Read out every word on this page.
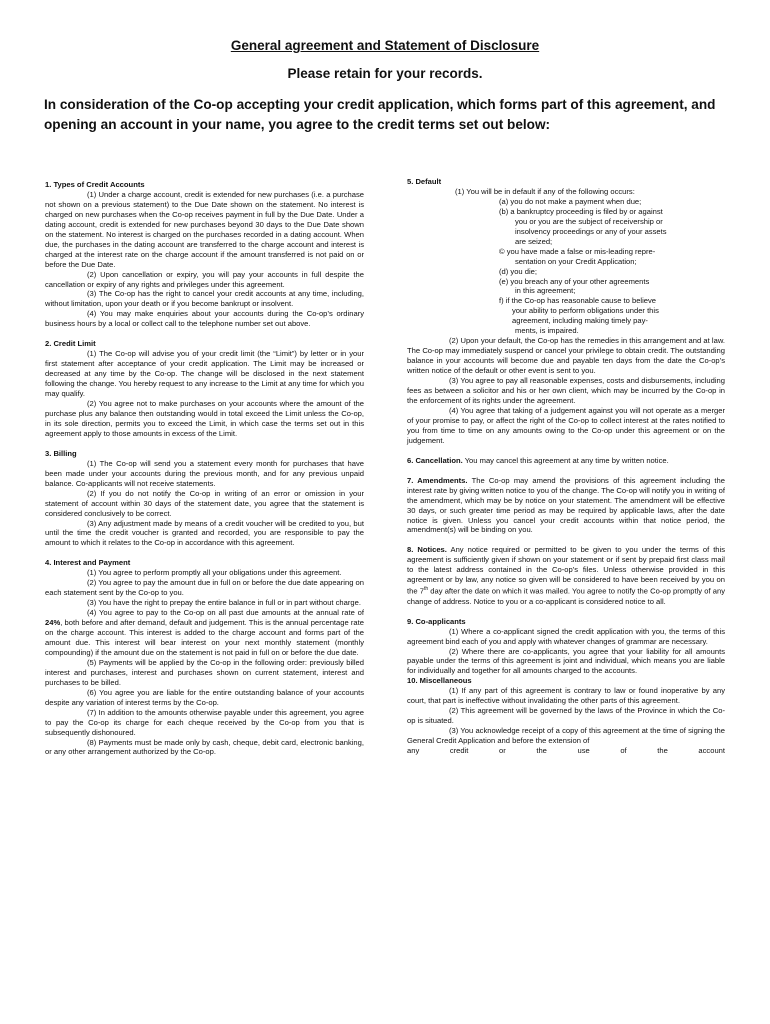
General agreement and Statement of Disclosure
Please retain for your records.
In consideration of the Co-op accepting your credit application, which forms part of this agreement, and opening an account in your name, you agree to the credit terms set out below:

1. Types of Credit Accounts

(1) Under a charge account, credit is extended for new purchases (i.e. a purchase not shown on a previous statement) to the Due Date shown on the statement. No interest is charged on new purchases when the Co-op receives payment in full by the Due Date. Under a dating account, credit is extended for new purchases beyond 30 days to the Due Date shown on the statement. No interest is charged on the purchases recorded in a dating account. When due, the purchases in the dating account are transferred to the charge account and interest is charged at the interest rate on the charge account if the amount transferred is not paid on or before the Due Date.

(2) Upon cancellation or expiry, you will pay your accounts in full despite the cancellation or expiry of any rights and privileges under this agreement.

(3) The Co-op has the right to cancel your credit accounts at any time, including, without limitation, upon your death or if you become bankrupt or insolvent.

(4) You may make enquiries about your accounts during the Co-op’s ordinary business hours by a local or collect call to the telephone number set out above.

2. Credit Limit

(1) The Co-op will advise you of your credit limit (the “Limit”) by letter or in your first statement after acceptance of your credit application. The Limit may be increased or decreased at any time by the Co-op. The change will be disclosed in the next statement following the change. You hereby request to any increase to the Limit at any time for which you may qualify.

(2) You agree not to make purchases on your accounts where the amount of the purchase plus any balance then outstanding would in total exceed the Limit unless the Co-op, in its sole direction, permits you to exceed the Limit, in which case the terms set out in this agreement apply to those amounts in excess of the Limit.

3. Billing

(1) The Co-op will send you a statement every month for purchases that have been made under your accounts during the previous month, and for any previous unpaid balance. Co-applicants will not receive statements.

(2) If you do not notify the Co-op in writing of an error or omission in your statement of account within 30 days of the statement date, you agree that the statement is considered conclusively to be correct.

(3) Any adjustment made by means of a credit voucher will be credited to you, but until the time the credit voucher is granted and recorded, you are responsible to pay the amount to which it relates to the Co-op in accordance with this agreement.

4. Interest and Payment

(1) You agree to perform promptly all your obligations under this agreement.

(2) You agree to pay the amount due in full on or before the due date appearing on each statement sent by the Co-op to you.

(3) You have the right to prepay the entire balance in full or in part without charge.

(4) You agree to pay to the Co-op on all past due amounts at the annual rate of 24%, both before and after demand, default and judgement. This is the annual percentage rate on the charge account. This interest is added to the charge account and forms part of the amount due. This interest will bear interest on your next monthly statement (monthly compounding) if the amount due on the statement is not paid in full on or before the due date.

(5) Payments will be applied by the Co-op in the following order: previously billed interest and purchases, interest and purchases shown on current statement, interest and purchases to be billed.

(6) You agree you are liable for the entire outstanding balance of your accounts despite any variation of interest terms by the Co-op.

(7) In addition to the amounts otherwise payable under this agreement, you agree to pay the Co-op its charge for each cheque received by the Co-op from you that is subsequently dishonoured.

(8) Payments must be made only by cash, cheque, debit card, electronic banking, or any other arrangement authorized by the Co-op.

5. Default

(1) You will be in default if any of the following occurs:

(a) you do not make a payment when due;

(b) a bankruptcy proceeding is filed by or against

you or you are the subject of receivership or

insolvency proceedings or any of your assets

are seized;

© you have made a false or mis-leading repre-

sentation on your Credit Application;

(d) you die;

(e) you breach any of your other agreements

in this agreement;

f) if the Co-op has reasonable cause to believe

your ability to perform obligations under this

agreement, including making timely pay-

ments, is impaired.

(2) Upon your default, the Co-op has the remedies in this arrangement and at law. The Co-op may immediately suspend or cancel your privilege to obtain credit. The outstanding balance in your accounts will become due and payable ten days from the date the Co-op’s written notice of the default or other event is sent to you.

(3) You agree to pay all reasonable expenses, costs and disbursements, including fees as between a solicitor and his or her own client, which may be incurred by the Co-op in the enforcement of its rights under the agreement.

(4) You agree that taking of a judgement against you will not operate as a merger of your promise to pay, or affect the right of the Co-op to collect interest at the rates notified to you from time to time on any amounts owing to the Co-op under this agreement or on the judgement.

6. Cancellation. You may cancel this agreement at any time by written notice.

7. Amendments. The Co-op may amend the provisions of this agreement including the interest rate by giving written notice to you of the change. The Co-op will notify you in writing of the amendment, which may be by notice on your statement. The amendment will be effective 30 days, or such greater time period as may be required by applicable laws, after the date notice is given. Unless you cancel your credit accounts within that notice period, the amendment(s) will be binding on you.

8. Notices. Any notice required or permitted to be given to you under the terms of this agreement is sufficiently given if shown on your statement or if sent by prepaid first class mail to the latest address contained in the Co-op’s files. Unless otherwise provided in this agreement or by law, any notice so given will be considered to have been received by you on the 7th day after the date on which it was mailed. You agree to notify the Co-op promptly of any change of address. Notice to you or a co-applicant is considered notice to all.

9. Co-applicants

(1) Where a co-applicant signed the credit application with you, the terms of this agreement bind each of you and apply with whatever changes of grammar are necessary.

(2) Where there are co-applicants, you agree that your liability for all amounts payable under the terms of this agreement is joint and individual, which means you are liable for individually and together for all amounts charged to the accounts.

10. Miscellaneous

(1) If any part of this agreement is contrary to law or found inoperative by any court, that part is ineffective without invalidating the other parts of this agreement.

(2) This agreement will be governed by the laws of the Province in which the Co-op is situated.

(3) You acknowledge receipt of a copy of this agreement at the time of signing the General Credit Application and before the extension of

any credit or the use of the account
